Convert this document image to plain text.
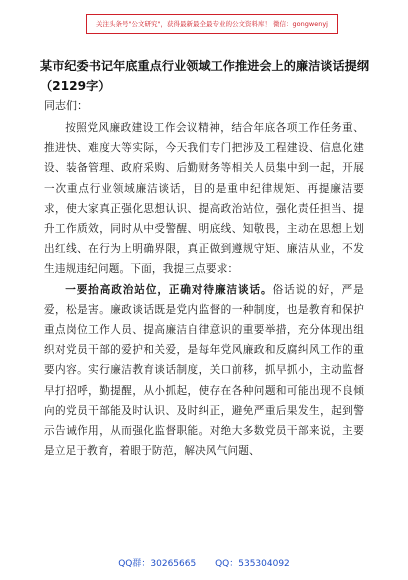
关注头条号"公文研究"，获得最新最全最专业的公文资料库！ 微信：gongwenyj
某市纪委书记年底重点行业领域工作推进会上的廉洁谈话提纲（2129字）
同志们：

按照党风廉政建设工作会议精神，结合年底各项工作任务重、推进快、难度大等实际，今天我们专门把涉及工程建设、信息化建设、装备管理、政府采购、后勤财务等相关人员集中到一起，开展一次重点行业领域廉洁谈话，目的是重申纪律规矩、再提廉洁要求，使大家真正强化思想认识、提高政治站位，强化责任担当、提升工作质效，同时从中受警醒、明底线、知敬畏，主动在思想上划出红线、在行为上明确界限，真正做到遵规守矩、廉洁从业，不发生违规违纪问题。下面，我提三点要求：

一要抬高政治站位，正确对待廉洁谈话。俗话说的好，严是爱，松是害。廉政谈话既是党内监督的一种制度，也是教育和保护重点岗位工作人员、提高廉洁自律意识的重要举措，充分体现出组织对党员干部的爱护和关爱，是每年党风廉政和反腐纠风工作的重要内容。实行廉洁教育谈话制度，关口前移，抓早抓小，主动监督早打招呼，勤提醒，从小抓起，使存在各种问题和可能出现不良倾向的党员干部能及时认识、及时纠正，避免严重后果发生，起到警示告诫作用，从而强化监督职能。对绝大多数党员干部来说，主要是立足于教育，着眼于防范，解决风气问题、

QQ群：30265665 QQ：535304092
